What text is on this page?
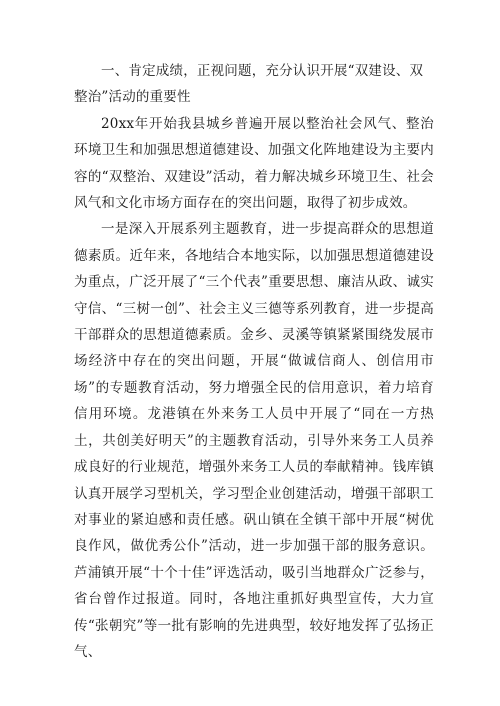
一、肯定成绩，正视问题，充分认识开展“双建设、双整治”活动的重要性

20xx年开始我县城乡普遍开展以整治社会风气、整治环境卫生和加强思想道德建设、加强文化阵地建设为主要内容的“双整治、双建设”活动，着力解决城乡环境卫生、社会风气和文化市场方面存在的突出问题，取得了初步成效。

一是深入开展系列主题教育，进一步提高群众的思想道德素质。近年来，各地结合本地实际，以加强思想道德建设为重点，广泛开展了“三个代表”重要思想、廉洁从政、诚实守信、“三树一创”、社会主义三德等系列教育，进一步提高干部群众的思想道德素质。金乡、灵溪等镇紧紧围绕发展市场经济中存在的突出问题，开展“做诚信商人、创信用市场”的专题教育活动，努力增强全民的信用意识，着力培育信用环境。龙港镇在外来务工人员中开展了“同在一方热土，共创美好明天”的主题教育活动，引导外来务工人员养成良好的行业规范，增强外来务工人员的奉献精神。钱库镇认真开展学习型机关，学习型企业创建活动，增强干部职工对事业的紧迫感和责任感。矾山镇在全镇干部中开展“树优良作风，做优秀公仆”活动，进一步加强干部的服务意识。芦浦镇开展“十个十佳”评选活动，吸引当地群众广泛参与，省台曾作过报道。同时，各地注重抓好典型宣传，大力宣传“张朝究”等一批有影响的先进典型，较好地发挥了弘扬正气、
